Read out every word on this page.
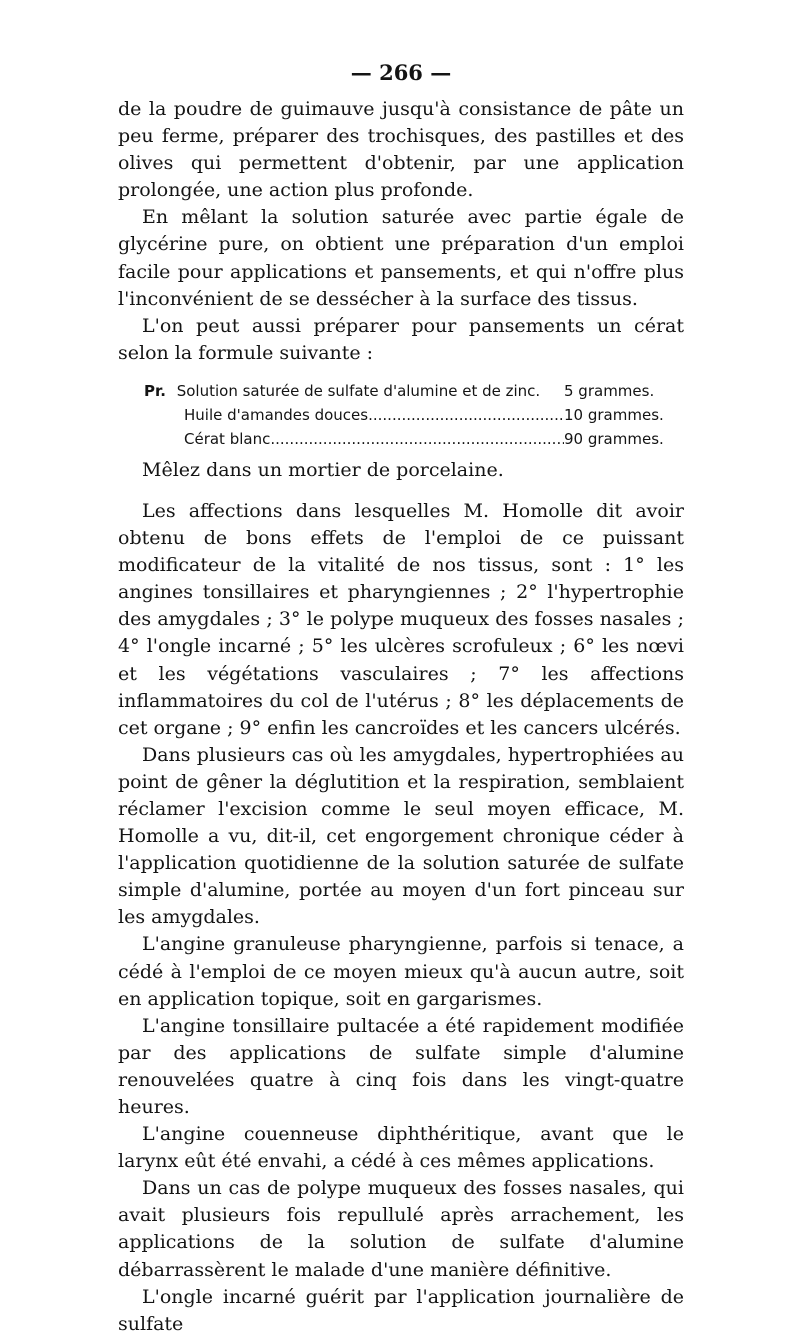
— 266 —

de la poudre de guimauve jusqu'à consistance de pâte un peu ferme, préparer des trochisques, des pastilles et des olives qui permettent d'obtenir, par une application prolongée, une action plus profonde.

En mêlant la solution saturée avec partie égale de glycérine pure, on obtient une préparation d'un emploi facile pour applications et pansements, et qui n'offre plus l'inconvénient de se dessécher à la surface des tissus.

L'on peut aussi préparer pour pansements un cérat selon la formule suivante :

Pr. Solution saturée de sulfate d'alumine et de zinc.	5 grammes.
Huile d'amandes douces .....	10 grammes.
Cérat blanc .....	90 grammes.
Mêlez dans un mortier de porcelaine.

Les affections dans lesquelles M. Homolle dit avoir obtenu de bons effets de l'emploi de ce puissant modificateur de la vitalité de nos tissus, sont : 1° les angines tonsillaires et pharyngiennes ; 2° l'hypertrophie des amygdales ; 3° le polype muqueux des fosses nasales ; 4° l'ongle incarné ; 5° les ulcères scrofuleux ; 6° les nœvi et les végétations vasculaires ; 7° les affections inflammatoires du col de l'utérus ; 8° les déplacements de cet organe ; 9° enfin les cancroïdes et les cancers ulcérés.

Dans plusieurs cas où les amygdales, hypertrophiées au point de gêner la déglutition et la respiration, semblaient réclamer l'excision comme le seul moyen efficace, M. Homolle a vu, dit-il, cet engorgement chronique céder à l'application quotidienne de la solution saturée de sulfate simple d'alumine, portée au moyen d'un fort pinceau sur les amygdales.

L'angine granuleuse pharyngienne, parfois si tenace, a cédé à l'emploi de ce moyen mieux qu'à aucun autre, soit en application topique, soit en gargarismes.

L'angine tonsillaire pultacée a été rapidement modifiée par des applications de sulfate simple d'alumine renouvelées quatre à cinq fois dans les vingt-quatre heures.

L'angine couenneuse diphthéritique, avant que le larynx eût été envahi, a cédé à ces mêmes applications.

Dans un cas de polype muqueux des fosses nasales, qui avait plusieurs fois repullulé après arrachement, les applications de la solution de sulfate d'alumine débarrassèrent le malade d'une manière définitive.

L'ongle incarné guérit par l'application journalière de sulfate
